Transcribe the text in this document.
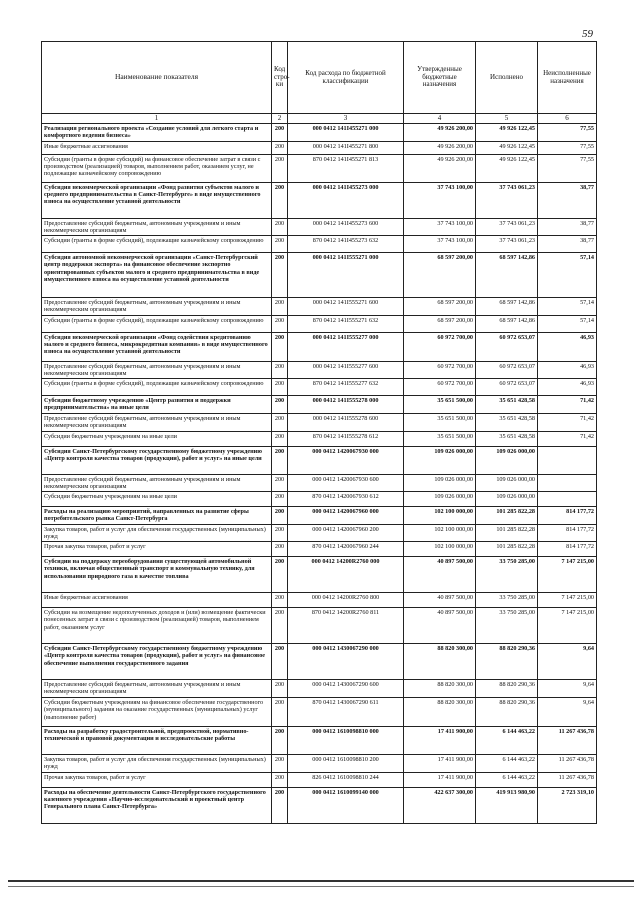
59
Наименование показателя	Код стро-ки	Код расхода по бюджетной классификации	Утвержденные бюджетные назначения	Исполнено	Неисполненные назначения
1	2	3	4	5	6
Реализация регионального проекта «Создание условий для легкого старта и комфортного ведения бизнеса»	200	000 0412 141I455271 000	49 926 200,00	49 926 122,45	77,55
Иные бюджетные ассигнования	200	000 0412 141I455271 800	49 926 200,00	49 926 122,45	77,55
Субсидии (гранты в форме субсидий) на финансовое обеспечение затрат в связи с производством (реализацией) товаров, выполнением работ, оказанием услуг, не подлежащие казначейскому сопровождению	200	870 0412 141I455271 813	49 926 200,00	49 926 122,45	77,55
Субсидия некоммерческой организации «Фонд развития субъектов малого и среднего предпринимательства в Санкт-Петербурге» в виде имущественного взноса на осуществление уставной деятельности	200	000 0412 141I455273 000	37 743 100,00	37 743 061,23	38,77
Предоставление субсидий бюджетным, автономным учреждениям и иным некоммерческим организациям	200	000 0412 141I455273 600	37 743 100,00	37 743 061,23	38,77
Субсидии (гранты в форме субсидий), подлежащие казначейскому сопровождению	200	870 0412 141I455273 632	37 743 100,00	37 743 061,23	38,77
Субсидия автономной некоммерческой организации «Санкт-Петербургский центр поддержки экспорта» на финансовое обеспечение экспортно ориентированных субъектов малого и среднего предпринимательства в виде имущественного взноса на осуществление уставной деятельности	200	000 0412 141I555271 000	68 597 200,00	68 597 142,86	57,14
Предоставление субсидий бюджетным, автономным учреждениям и иным некоммерческим организациям	200	000 0412 141I555271 600	68 597 200,00	68 597 142,86	57,14
Субсидии (гранты в форме субсидий), подлежащие казначейскому сопровождению	200	870 0412 141I555271 632	68 597 200,00	68 597 142,86	57,14
Субсидия некоммерческой организации «Фонд содействия кредитованию малого и среднего бизнеса, микрокредитная компания» в виде имущественного взноса на осуществление уставной деятельности	200	000 0412 141I555277 000	60 972 700,00	60 972 653,07	46,93
Предоставление субсидий бюджетным, автономным учреждениям и иным некоммерческим организациям	200	000 0412 141I555277 600	60 972 700,00	60 972 653,07	46,93
Субсидии (гранты в форме субсидий), подлежащие казначейскому сопровождению	200	870 0412 141I555277 632	60 972 700,00	60 972 653,07	46,93
Субсидии бюджетному учреждению «Центр развития и поддержки предпринимательства» на иные цели	200	000 0412 141I555278 000	35 651 500,00	35 651 428,58	71,42
Предоставление субсидий бюджетным, автономным учреждениям и иным некоммерческим организациям	200	000 0412 141I555278 600	35 651 500,00	35 651 428,58	71,42
Субсидии бюджетным учреждениям на иные цели	200	870 0412 141I555278 612	35 651 500,00	35 651 428,58	71,42
Субсидия Санкт-Петербургскому государственному бюджетному учреждению «Центр контроля качества товаров (продукции), работ и услуг» на иные цели	200	000 0412 1420067930 000	109 026 000,00	109 026 000,00	
Предоставление субсидий бюджетным, автономным учреждениям и иным некоммерческим организациям	200	000 0412 1420067930 600	109 026 000,00	109 026 000,00	
Субсидии бюджетным учреждениям на иные цели	200	870 0412 1420067930 612	109 026 000,00	109 026 000,00	
Расходы на реализацию мероприятий, направленных на развитие сферы потребительского рынка Санкт-Петербурга	200	000 0412 1420067960 000	102 100 000,00	101 285 822,28	814 177,72
Закупка товаров, работ и услуг для обеспечения государственных (муниципальных) нужд	200	000 0412 1420067960 200	102 100 000,00	101 285 822,28	814 177,72
Прочая закупка товаров, работ и услуг	200	870 0412 1420067960 244	102 100 000,00	101 285 822,28	814 177,72
Субсидии на поддержку переоборудования существующей автомобильной техники, включая общественный транспорт и коммунальную технику, для использования природного газа в качестве топлива	200	000 0412 14200R2760 000	40 897 500,00	33 750 285,00	7 147 215,00
Иные бюджетные ассигнования	200	000 0412 14200R2760 800	40 897 500,00	33 750 285,00	7 147 215,00
Субсидии на возмещение недополученных доходов и (или) возмещение фактически понесенных затрат в связи с производством (реализацией) товаров, выполнением работ, оказанием услуг	200	870 0412 14200R2760 811	40 897 500,00	33 750 285,00	7 147 215,00
Субсидии Санкт-Петербургскому государственному бюджетному учреждению «Центр контроля качества товаров (продукции), работ и услуг» на финансовое обеспечение выполнения государственного задания	200	000 0412 1430067290 000	88 820 300,00	88 820 290,36	9,64
Предоставление субсидий бюджетным, автономным учреждениям и иным некоммерческим организациям	200	000 0412 1430067290 600	88 820 300,00	88 820 290,36	9,64
Субсидии бюджетным учреждениям на финансовое обеспечение государственного (муниципального) задания на оказание государственных (муниципальных) услуг (выполнение работ)	200	870 0412 1430067290 611	88 820 300,00	88 820 290,36	9,64
Расходы на разработку градостроительной, предпроектной, нормативно-технической и правовой документации и исследовательские работы	200	000 0412 1610098810 000	17 411 900,00	6 144 463,22	11 267 436,78
Закупка товаров, работ и услуг для обеспечения государственных (муниципальных) нужд	200	000 0412 1610098810 200	17 411 900,00	6 144 463,22	11 267 436,78
Прочая закупка товаров, работ и услуг	200	826 0412 1610098810 244	17 411 900,00	6 144 463,22	11 267 436,78
Расходы на обеспечение деятельности Санкт-Петербургского государственного казенного учреждения «Научно-исследовательский и проектный центр Генерального плана Санкт-Петербурга»	200	000 0412 1610099140 000	422 637 300,00	419 913 980,90	2 723 319,10
